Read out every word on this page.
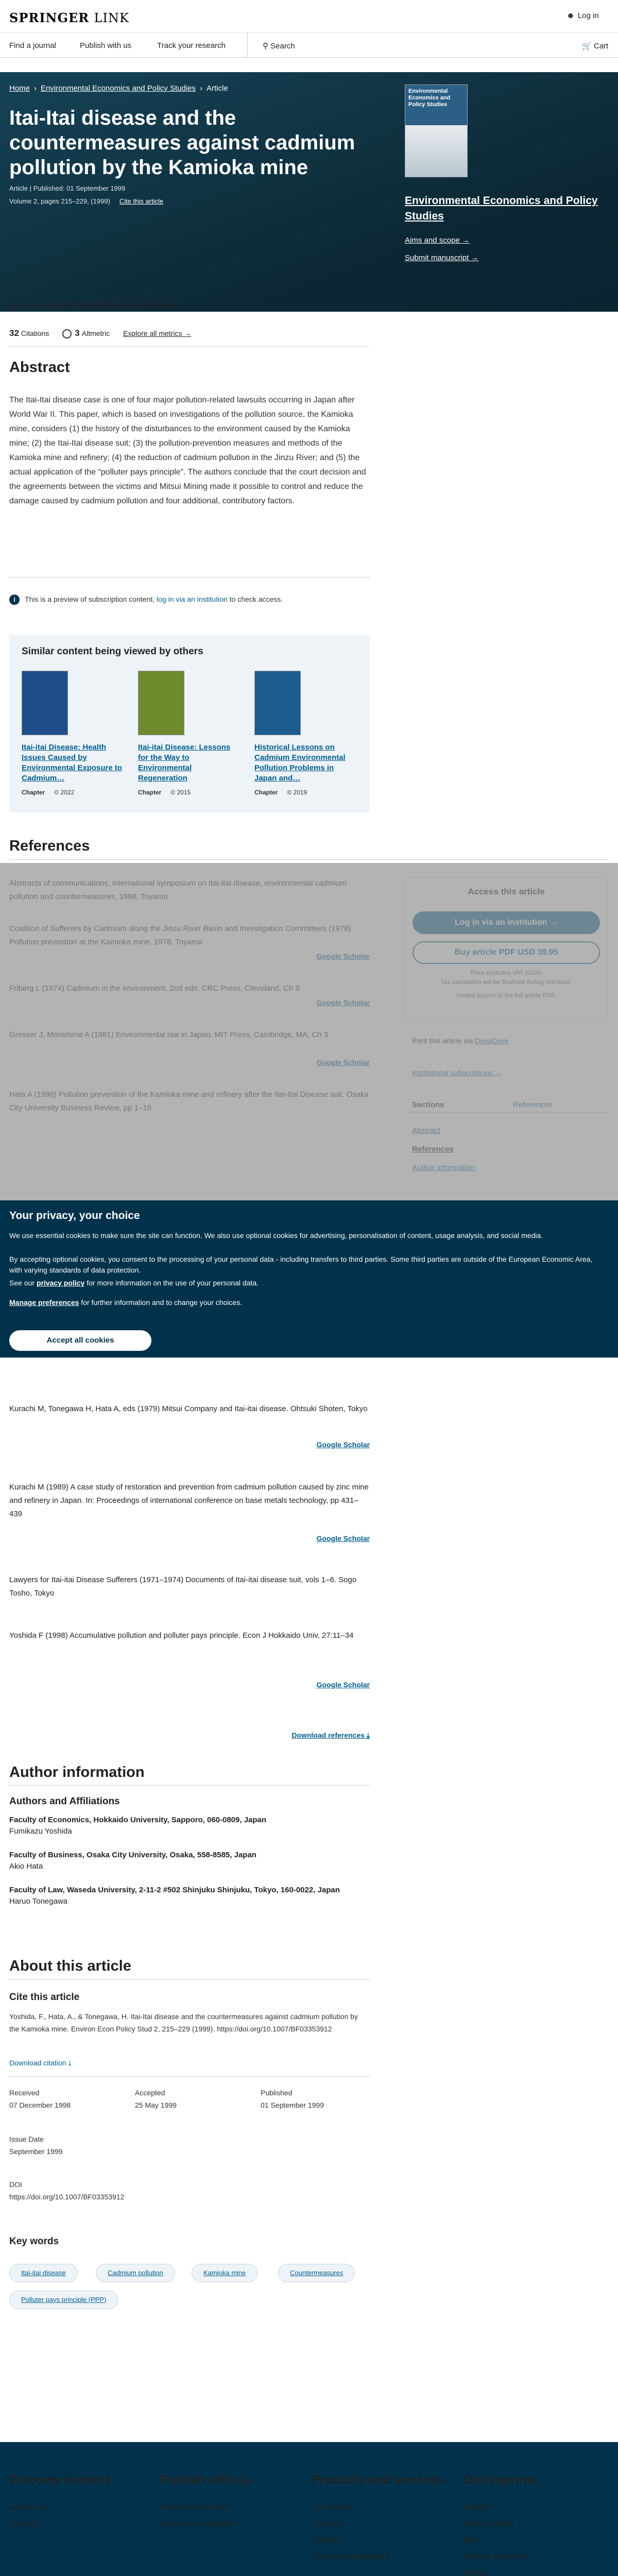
SPRINGER LINK	☻ Log in
Find a journal	Publish with us	Track your research	⚲ Search	🛒 Cart
Home › Environmental Economics and Policy Studies › Article
Itai-Itai disease and the countermeasures against cadmium pollution by the Kamioka mine
Article | Published: 01 September 1999
Volume 2, pages 215–229, (1999) Cite this article
Environmental Economics and Policy Studies
Environmental Economics and Policy Studies
Aims and scope →
Submit manuscript →
Fumikazu Yoshida, Akio Hata & Haruo Tonegawa
32 Citations	3 Altmetric Explore all metrics →
Abstract

The Itai-Itai disease case is one of four major pollution-related lawsuits occurring in Japan after World War II. This paper, which is based on investigations of the pollution source, the Kamioka mine, considers (1) the history of the disturbances to the environment caused by the Kamioka mine; (2) the Itai-Itai disease suit; (3) the pollution-prevention measures and methods of the Kamioka mine and refinery; (4) the reduction of cadmium pollution in the Jinzu River; and (5) the actual application of the “polluter pays principle”. The authors conclude that the court decision and the agreements between the victims and Mitsui Mining made it possible to control and reduce the damage caused by cadmium pollution and four additional, contributory factors.

i This is a preview of subscription content, log in via an institution to check access.
Similar content being viewed by others
Itai-itai Disease: Health Issues Caused by Environmental Exposure to Cadmium…
Chapter © 2022
Itai-itai Disease: Lessons for the Way to Environmental Regeneration
Chapter © 2015
Historical Lessons on Cadmium Environmental Pollution Problems in Japan and…
Chapter © 2019
References
Your privacy, your choice

We use essential cookies to make sure the site can function. We also use optional cookies for advertising, personalisation of content, usage analysis, and social media.

By accepting optional cookies, you consent to the processing of your personal data - including transfers to third parties. Some third parties are outside of the European Economic Area, with varying standards of data protection.

See our privacy policy for more information on the use of your personal data.

Manage preferences for further information and to change your choices.

Accept all cookies
Kurachi M, Tonegawa H, Hata A, eds (1979) Mitsui Company and Itai-itai disease. Ohtsuki Shoten, Tokyo
Google Scholar
Kurachi M (1989) A case study of restoration and prevention from cadmium pollution caused by zinc mine and refinery in Japan. In: Proceedings of international conference on base metals technology, pp 431–439
Google Scholar
Lawyers for Itai-itai Disease Sufferers (1971–1974) Documents of Itai-itai disease suit, vols 1–6. Sogo Tosho, Tokyo
Yoshida F (1998) Accumulative pollution and polluter pays principle. Econ J Hokkaido Univ, 27:11–34
Google Scholar
Download references ⤓
Author information
Authors and Affiliations
Faculty of Economics, Hokkaido University, Sapporo, 060-0809, Japan
Fumikazu Yoshida
Faculty of Business, Osaka City University, Osaka, 558-8585, Japan
Akio Hata
Faculty of Law, Waseda University, 2-11-2 #502 Shinjuku Shinjuku, Tokyo, 160-0022, Japan
Haruo Tonegawa
About this article
Cite this article

Yoshida, F., Hata, A., & Tonegawa, H. Itai-Itai disease and the countermeasures against cadmium pollution by the Kamioka mine. Environ Econ Policy Stud 2, 215–229 (1999). https://doi.org/10.1007/BF03353912

Download citation ⤓
Received
07 December 1998
Accepted
25 May 1999
Published
01 September 1999
Issue Date
September 1999
DOI
https://doi.org/10.1007/BF03353912
Key words
Itai-itai disease	Cadmium pollution	Kamioka mine	Countermeasures
Polluter pays principle (PPP)
Discover content
Journals A-Z
Books A-Z
Publish with us
Publish your research
Open access publishing
Products and services
Our products
Librarians
Societies
Partners and advertisers
Our imprints
Springer
Nature Portfolio
BMC
Palgrave Macmillan
Apress
